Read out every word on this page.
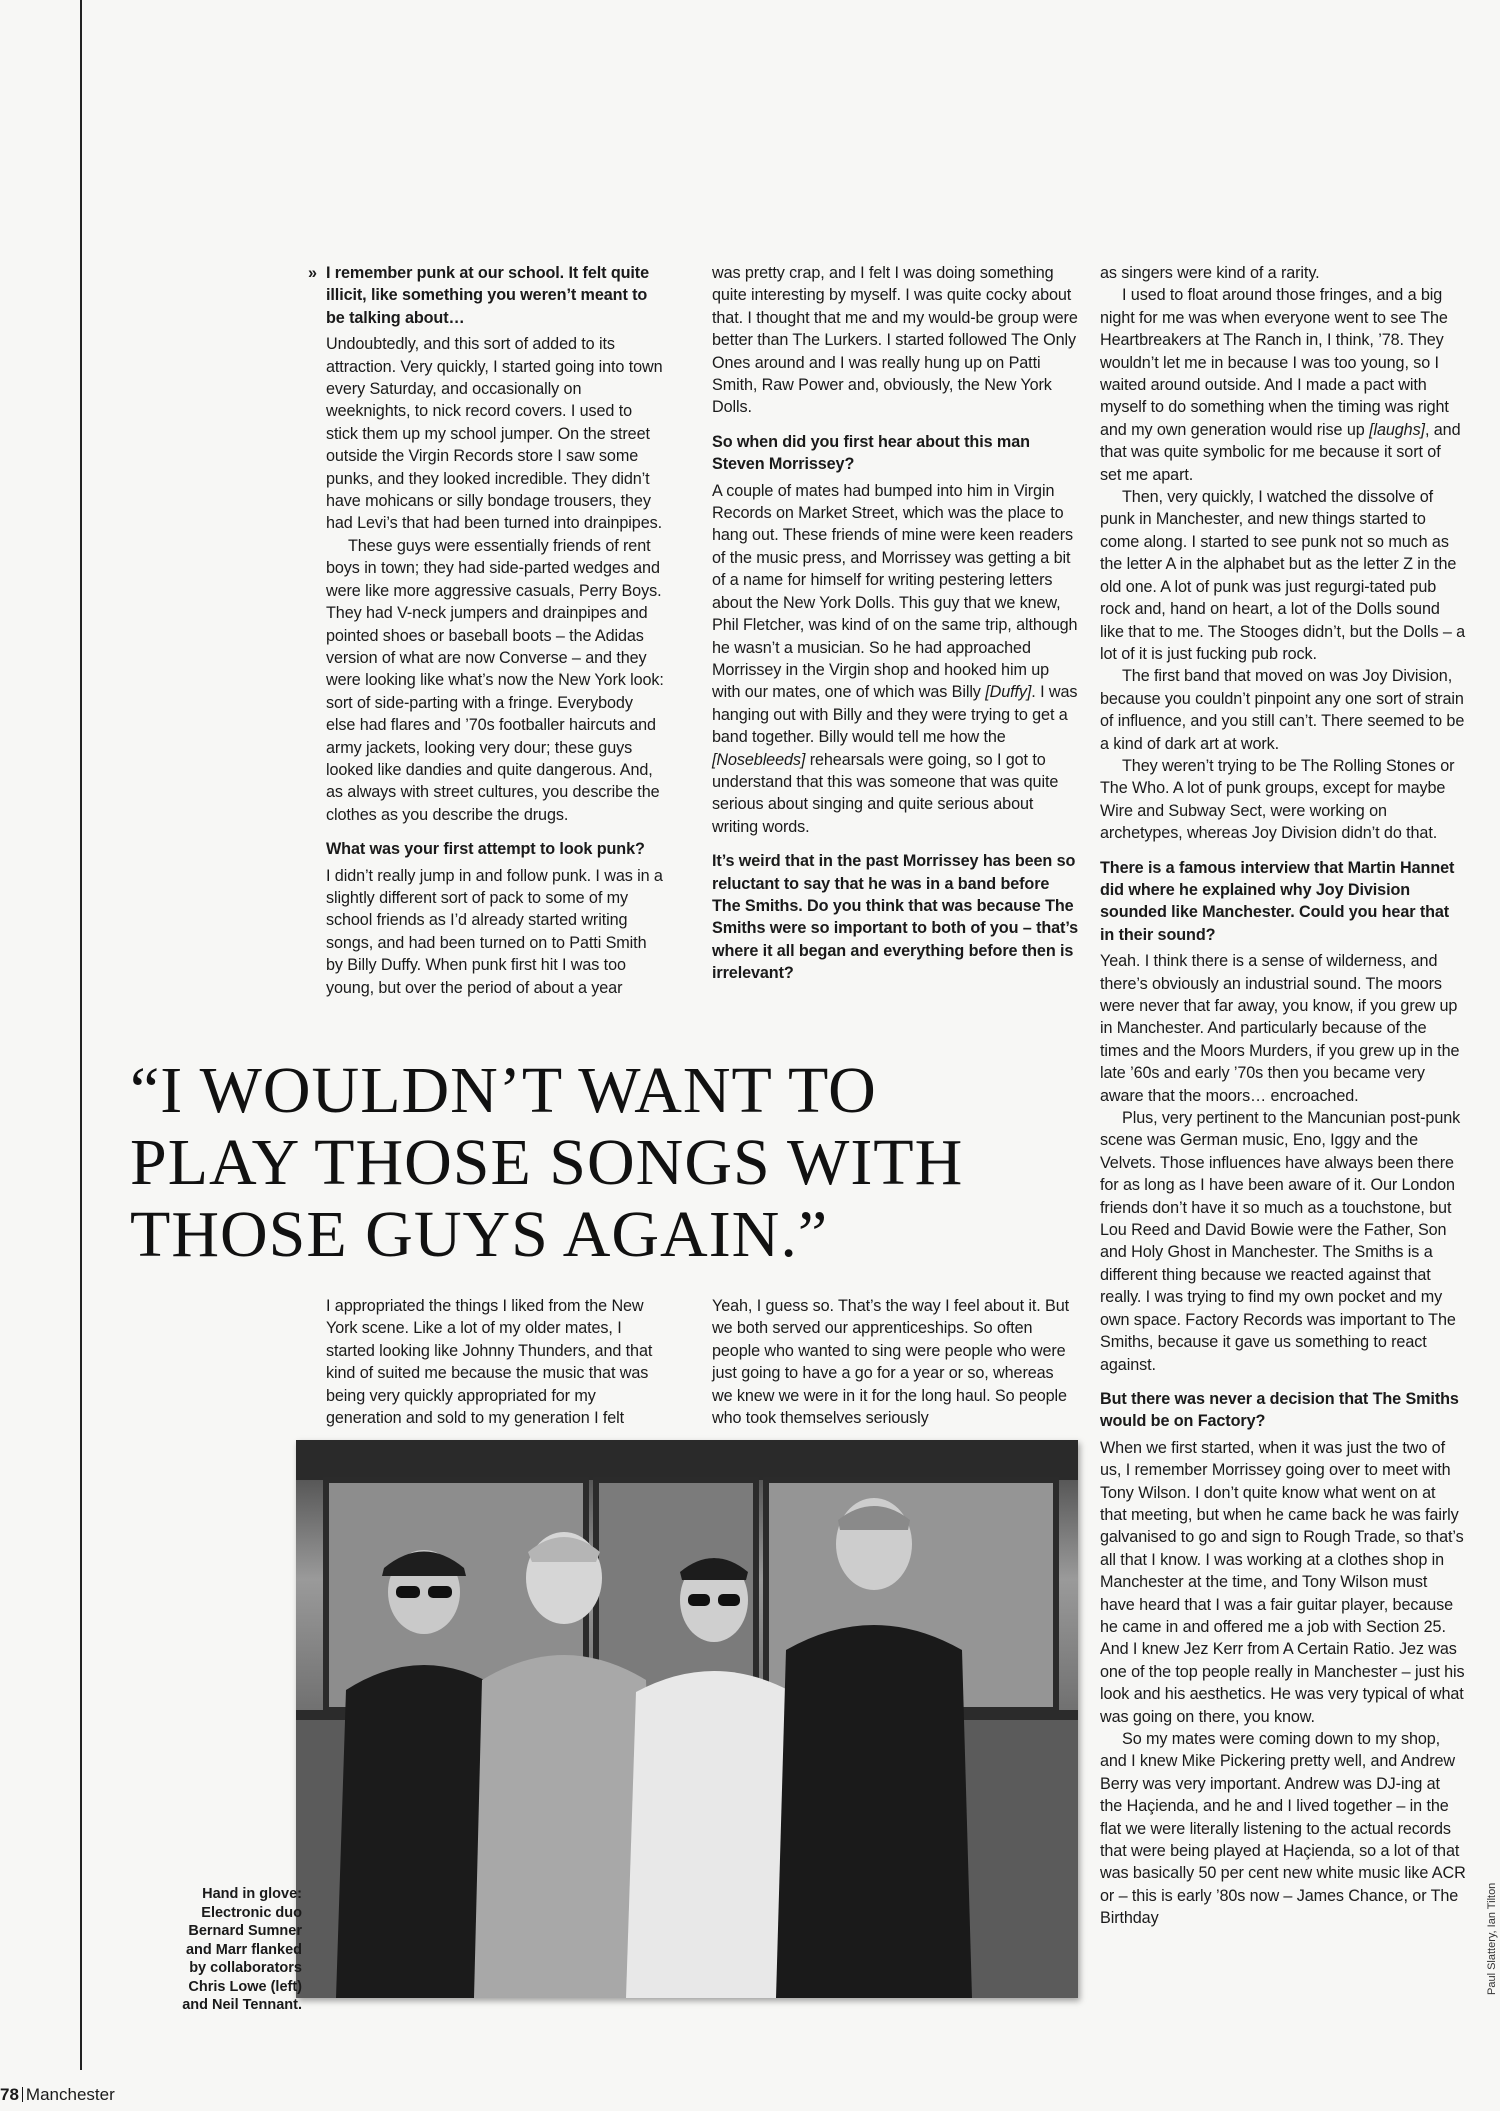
» I remember punk at our school. It felt quite illicit, like something you weren’t meant to be talking about…

Undoubtedly, and this sort of added to its attraction. Very quickly, I started going into town every Saturday, and occasionally on weeknights, to nick record covers. I used to stick them up my school jumper. On the street outside the Virgin Records store I saw some punks, and they looked incredible. They didn’t have mohicans or silly bondage trousers, they had Levi’s that had been turned into drainpipes.

These guys were essentially friends of rent boys in town; they had side-parted wedges and were like more aggressive casuals, Perry Boys. They had V-neck jumpers and drainpipes and pointed shoes or baseball boots – the Adidas version of what are now Converse – and they were looking like what’s now the New York look: sort of side-parting with a fringe. Everybody else had flares and ’70s footballer haircuts and army jackets, looking very dour; these guys looked like dandies and quite dangerous. And, as always with street cultures, you describe the clothes as you describe the drugs.

What was your first attempt to look punk?

I didn’t really jump in and follow punk. I was in a slightly different sort of pack to some of my school friends as I’d already started writing songs, and had been turned on to Patti Smith by Billy Duffy. When punk first hit I was too young, but over the period of about a year

was pretty crap, and I felt I was doing something quite interesting by myself. I was quite cocky about that. I thought that me and my would-be group were better than The Lurkers. I started followed The Only Ones around and I was really hung up on Patti Smith, Raw Power and, obviously, the New York Dolls.

So when did you first hear about this man Steven Morrissey?

A couple of mates had bumped into him in Virgin Records on Market Street, which was the place to hang out. These friends of mine were keen readers of the music press, and Morrissey was getting a bit of a name for himself for writing pestering letters about the New York Dolls. This guy that we knew, Phil Fletcher, was kind of on the same trip, although he wasn’t a musician. So he had approached Morrissey in the Virgin shop and hooked him up with our mates, one of which was Billy [Duffy]. I was hanging out with Billy and they were trying to get a band together. Billy would tell me how the [Nosebleeds] rehearsals were going, so I got to understand that this was someone that was quite serious about singing and quite serious about writing words.

It’s weird that in the past Morrissey has been so reluctant to say that he was in a band before The Smiths. Do you think that was because The Smiths were so important to both of you – that’s where it all began and everything before then is irrelevant?

as singers were kind of a rarity.

I used to float around those fringes, and a big night for me was when everyone went to see The Heartbreakers at The Ranch in, I think, ’78. They wouldn’t let me in because I was too young, so I waited around outside. And I made a pact with myself to do something when the timing was right and my own generation would rise up [laughs], and that was quite symbolic for me because it sort of set me apart.

Then, very quickly, I watched the dissolve of punk in Manchester, and new things started to come along. I started to see punk not so much as the letter A in the alphabet but as the letter Z in the old one. A lot of punk was just regurgi-tated pub rock and, hand on heart, a lot of the Dolls sound like that to me. The Stooges didn’t, but the Dolls – a lot of it is just fucking pub rock.

The first band that moved on was Joy Division, because you couldn’t pinpoint any one sort of strain of influence, and you still can’t. There seemed to be a kind of dark art at work.

They weren’t trying to be The Rolling Stones or The Who. A lot of punk groups, except for maybe Wire and Subway Sect, were working on archetypes, whereas Joy Division didn’t do that.

There is a famous interview that Martin Hannet did where he explained why Joy Division sounded like Manchester. Could you hear that in their sound?

Yeah. I think there is a sense of wilderness, and there’s obviously an industrial sound. The moors were never that far away, you know, if you grew up in Manchester. And particularly because of the times and the Moors Murders, if you grew up in the late ’60s and early ’70s then you became very aware that the moors… encroached.

Plus, very pertinent to the Mancunian post-punk scene was German music, Eno, Iggy and the Velvets. Those influences have always been there for as long as I have been aware of it. Our London friends don’t have it so much as a touchstone, but Lou Reed and David Bowie were the Father, Son and Holy Ghost in Manchester. The Smiths is a different thing because we reacted against that really. I was trying to find my own pocket and my own space. Factory Records was important to The Smiths, because it gave us something to react against.

But there was never a decision that The Smiths would be on Factory?

When we first started, when it was just the two of us, I remember Morrissey going over to meet with Tony Wilson. I don’t quite know what went on at that meeting, but when he came back he was fairly galvanised to go and sign to Rough Trade, so that’s all that I know. I was working at a clothes shop in Manchester at the time, and Tony Wilson must have heard that I was a fair guitar player, because he came in and offered me a job with Section 25. And I knew Jez Kerr from A Certain Ratio. Jez was one of the top people really in Manchester – just his look and his aesthetics. He was very typical of what was going on there, you know.

So my mates were coming down to my shop, and I knew Mike Pickering pretty well, and Andrew Berry was very important. Andrew was DJ-ing at the Haçienda, and he and I lived together – in the flat we were literally listening to the actual records that were being played at Haçienda, so a lot of that was basically 50 per cent new white music like ACR or – this is early ’80s now – James Chance, or The Birthday

“I WOULDN’T WANT TO

PLAY THOSE SONGS WITH

THOSE GUYS AGAIN.”

I appropriated the things I liked from the New York scene. Like a lot of my older mates, I started looking like Johnny Thunders, and that kind of suited me because the music that was being very quickly appropriated for my generation and sold to my generation I felt

Yeah, I guess so. That’s the way I feel about it. But we both served our apprenticeships. So often people who wanted to sing were people who were just going to have a go for a year or so, whereas we knew we were in it for the long haul. So people who took themselves seriously

Hand in glove:

Electronic duo

Bernard Sumner

and Marr flanked

by collaborators

Chris Lowe (left)

and Neil Tennant.

Paul Slattery, Ian Tilton
78 Manchester
